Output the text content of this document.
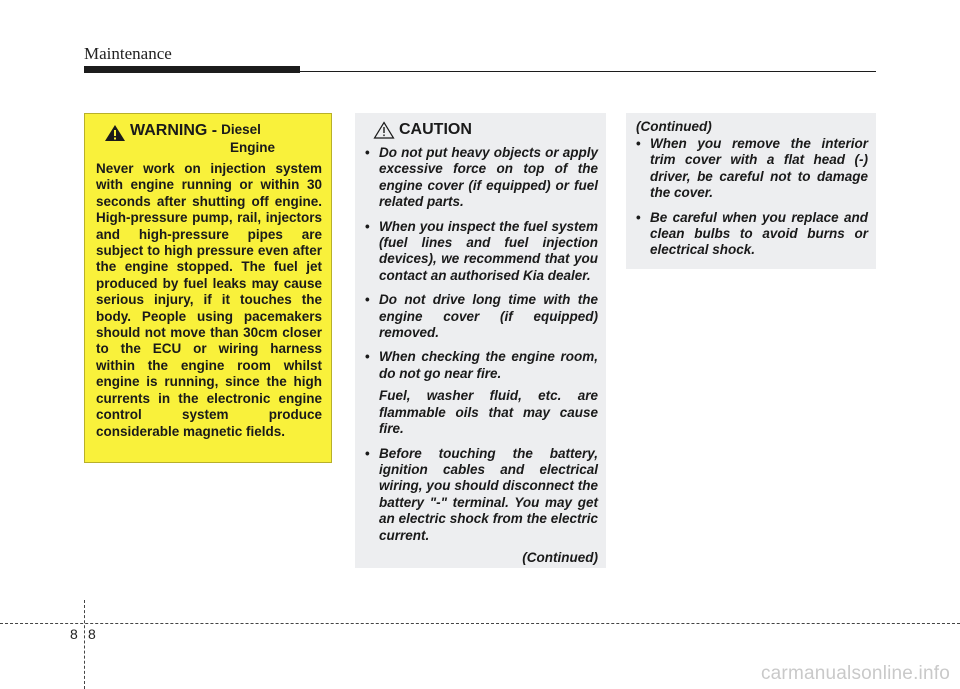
Maintenance
WARNING - Diesel
Engine
Never work on injection system with engine running or within 30 seconds after shutting off engine. High-pressure pump, rail, injectors and high-pressure pipes are subject to high pressure even after the engine stopped. The fuel jet produced by fuel leaks may cause serious injury, if it touches the body. People using pacemakers should not move than 30cm closer to the ECU or wiring harness within the engine room whilst engine is running, since the high currents in the electronic engine control system produce considerable magnetic fields.
CAUTION
• Do not put heavy objects or apply excessive force on top of the engine cover (if equipped) or fuel related parts.
• When you inspect the fuel system (fuel lines and fuel injection devices), we recommend that you contact an authorised Kia dealer.
• Do not drive long time with the engine cover (if equipped) removed.
• When checking the engine room, do not go near fire.
Fuel, washer fluid, etc. are flammable oils that may cause fire.
• Before touching the battery, ignition cables and electrical wiring, you should disconnect the battery "-" terminal. You may get an electric shock from the electric current.
(Continued)
(Continued)
• When you remove the interior trim cover with a flat head (-) driver, be careful not to damage the cover.
• Be careful when you replace and clean bulbs to avoid burns or electrical shock.
8 8
carmanualsonline.info
